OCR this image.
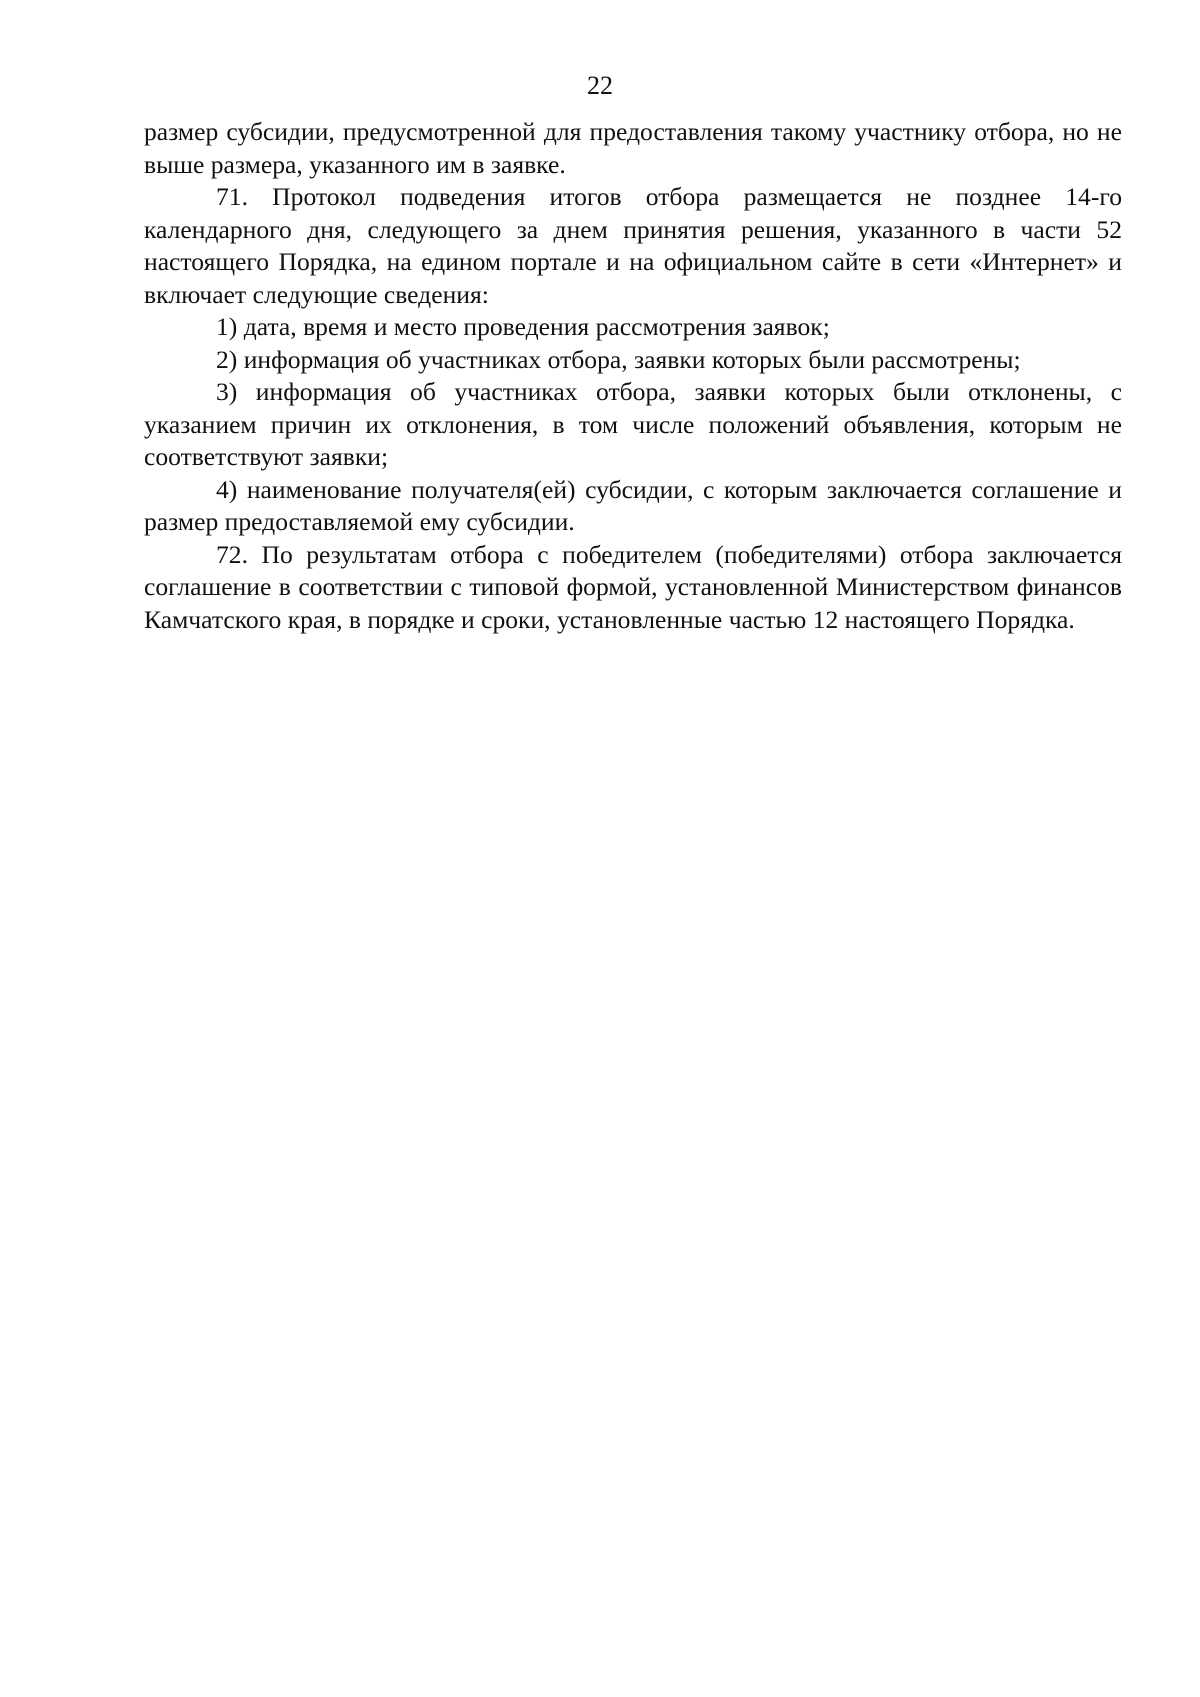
22

размер субсидии, предусмотренной для предоставления такому участнику отбора, но не выше размера, указанного им в заявке.

71. Протокол подведения итогов отбора размещается не позднее 14-го календарного дня, следующего за днем принятия решения, указанного в части 52 настоящего Порядка, на едином портале и на официальном сайте в сети «Интернет» и включает следующие сведения:

1) дата, время и место проведения рассмотрения заявок;

2) информация об участниках отбора, заявки которых были рассмотрены;

3) информация об участниках отбора, заявки которых были отклонены, с указанием причин их отклонения, в том числе положений объявления, которым не соответствуют заявки;

4) наименование получателя(ей) субсидии, с которым заключается соглашение и размер предоставляемой ему субсидии.

72. По результатам отбора с победителем (победителями) отбора заключается соглашение в соответствии с типовой формой, установленной Министерством финансов Камчатского края, в порядке и сроки, установленные частью 12 настоящего Порядка.
